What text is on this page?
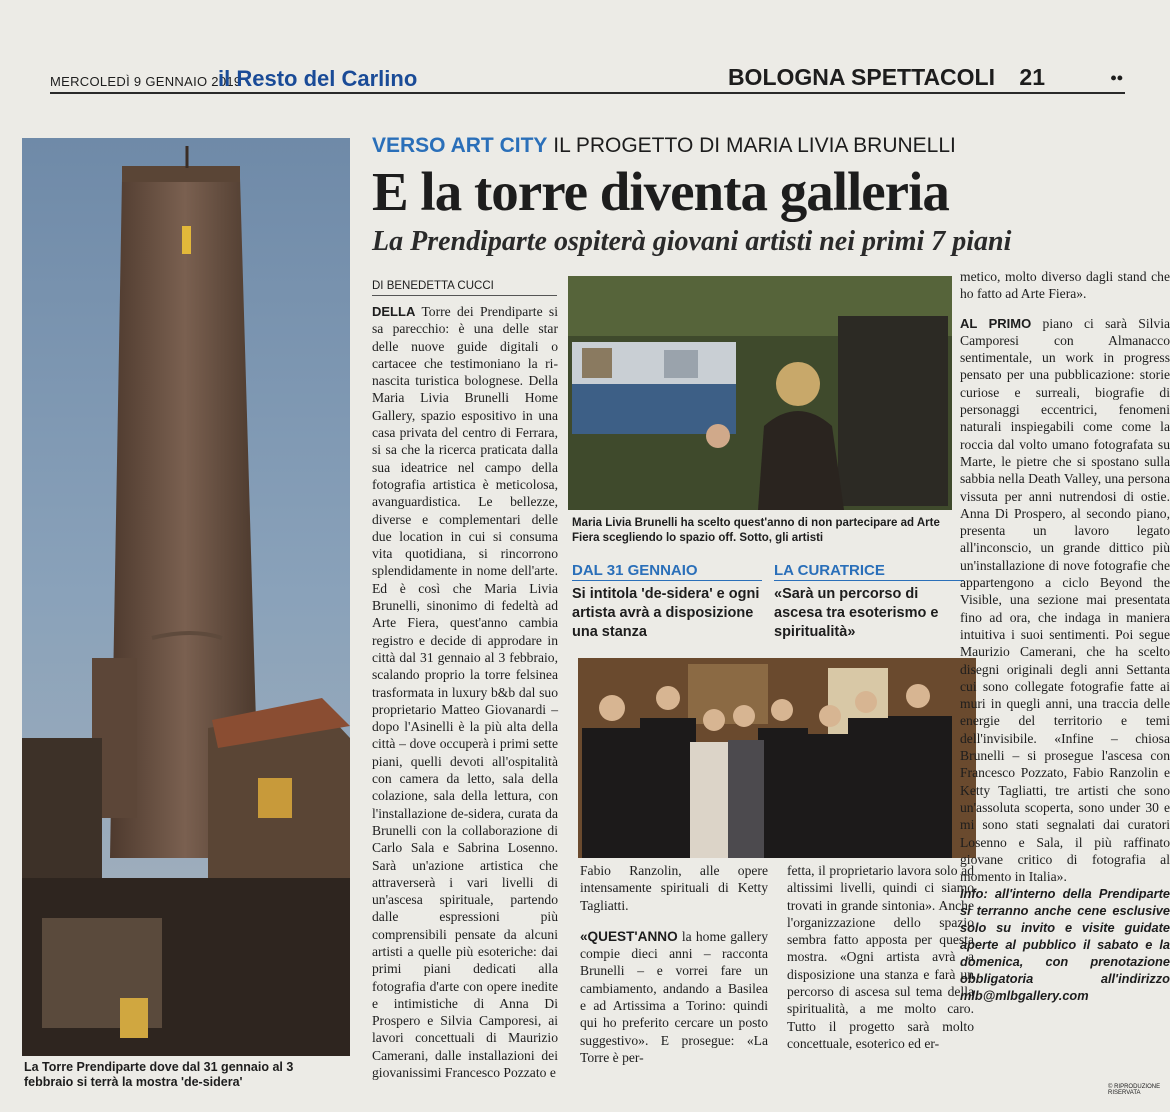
MERCOLEDÌ 9 GENNAIO 2019
il Resto del Carlino	BOLOGNA SPETTACOLI 21	••
La Torre Prendiparte dove dal 31 gennaio al 3 febbraio si terrà la mostra 'de-sidera'
VERSO ART CITY IL PROGETTO DI MARIA LIVIA BRUNELLI
E la torre diventa galleria
La Prendiparte ospiterà giovani artisti nei primi 7 piani
DI BENEDETTA CUCCI
DELLA Torre dei Prendiparte si sa parecchio: è una delle star delle nuove guide digitali o cartacee che testimoniano la ri-nascita turistica bolognese. Della Maria Livia Brunelli Home Gallery, spazio espositivo in una casa privata del centro di Ferrara, si sa che la ricerca praticata dalla sua ideatrice nel campo della fotografia artistica è meticolosa, avanguardistica. Le bellezze, diverse e complementari delle due location in cui si consuma vita quotidiana, si rincorrono splendidamente in nome dell'arte. Ed è così che Maria Livia Brunelli, sinonimo di fedeltà ad Arte Fiera, quest'anno cambia registro e decide di approdare in città dal 31 gennaio al 3 febbraio, scalando proprio la torre felsinea trasformata in luxury b&b dal suo proprietario Matteo Giovanardi – dopo l'Asinelli è la più alta della città – dove occuperà i primi sette piani, quelli devoti all'ospitalità con camera da letto, sala della colazione, sala della lettura, con l'installazione de-sidera, curata da Brunelli con la collaborazione di Carlo Sala e Sabrina Losenno. Sarà un'azione artistica che attraverserà i vari livelli di un'ascesa spirituale, partendo dalle espressioni più comprensibili pensate da alcuni artisti a quelle più esoteriche: dai primi piani dedicati alla fotografia d'arte con opere inedite e intimistiche di Anna Di Prospero e Silvia Camporesi, ai lavori concettuali di Maurizio Camerani, dalle installazioni dei giovanissimi Francesco Pozzato e
Maria Livia Brunelli ha scelto quest'anno di non partecipare ad Arte Fiera scegliendo lo spazio off. Sotto, gli artisti
DAL 31 GENNAIO
Si intitola 'de-sidera' e ogni artista avrà a disposizione una stanza
LA CURATRICE
«Sarà un percorso di ascesa tra esoterismo e spiritualità»
Fabio Ranzolin, alle opere intensamente spirituali di Ketty Tagliatti.
«QUEST'ANNO la home gallery compie dieci anni – racconta Brunelli – e vorrei fare un cambiamento, andando a Basilea e ad Artissima a Torino: quindi qui ho preferito cercare un posto suggestivo». E prosegue: «La Torre è per-
fetta, il proprietario lavora solo ad altissimi livelli, quindi ci siamo trovati in grande sintonia». Anche l'organizzazione dello spazio sembra fatto apposta per questa mostra. «Ogni artista avrà a disposizione una stanza e farà un percorso di ascesa sul tema della spiritualità, a me molto caro. Tutto il progetto sarà molto concettuale, esoterico ed er-
metico, molto diverso dagli stand che ho fatto ad Arte Fiera».
AL PRIMO piano ci sarà Silvia Camporesi con Almanacco sentimentale, un work in progress pensato per una pubblicazione: storie curiose e surreali, biografie di personaggi eccentrici, fenomeni naturali inspiegabili come come la roccia dal volto umano fotografata su Marte, le pietre che si spostano sulla sabbia nella Death Valley, una persona vissuta per anni nutrendosi di ostie. Anna Di Prospero, al secondo piano, presenta un lavoro legato all'inconscio, un grande dittico più un'installazione di nove fotografie che appartengono a ciclo Beyond the Visible, una sezione mai presentata fino ad ora, che indaga in maniera intuitiva i suoi sentimenti. Poi segue Maurizio Camerani, che ha scelto disegni originali degli anni Settanta cui sono collegate fotografie fatte ai muri in quegli anni, una traccia delle energie del territorio e temi dell'invisibile. «Infine – chiosa Brunelli – si prosegue l'ascesa con Francesco Pozzato, Fabio Ranzolin e Ketty Tagliatti, tre artisti che sono un'assoluta scoperta, sono under 30 e mi sono stati segnalati dai curatori Losenno e Sala, il più raffinato giovane critico di fotografia al momento in Italia».
Info: all'interno della Prendiparte si terranno anche cene esclusive solo su invito e visite guidate aperte al pubblico il sabato e la domenica, con prenotazione obbligatoria all'indirizzo mlb@mlbgallery.com
© RIPRODUZIONE RISERVATA
